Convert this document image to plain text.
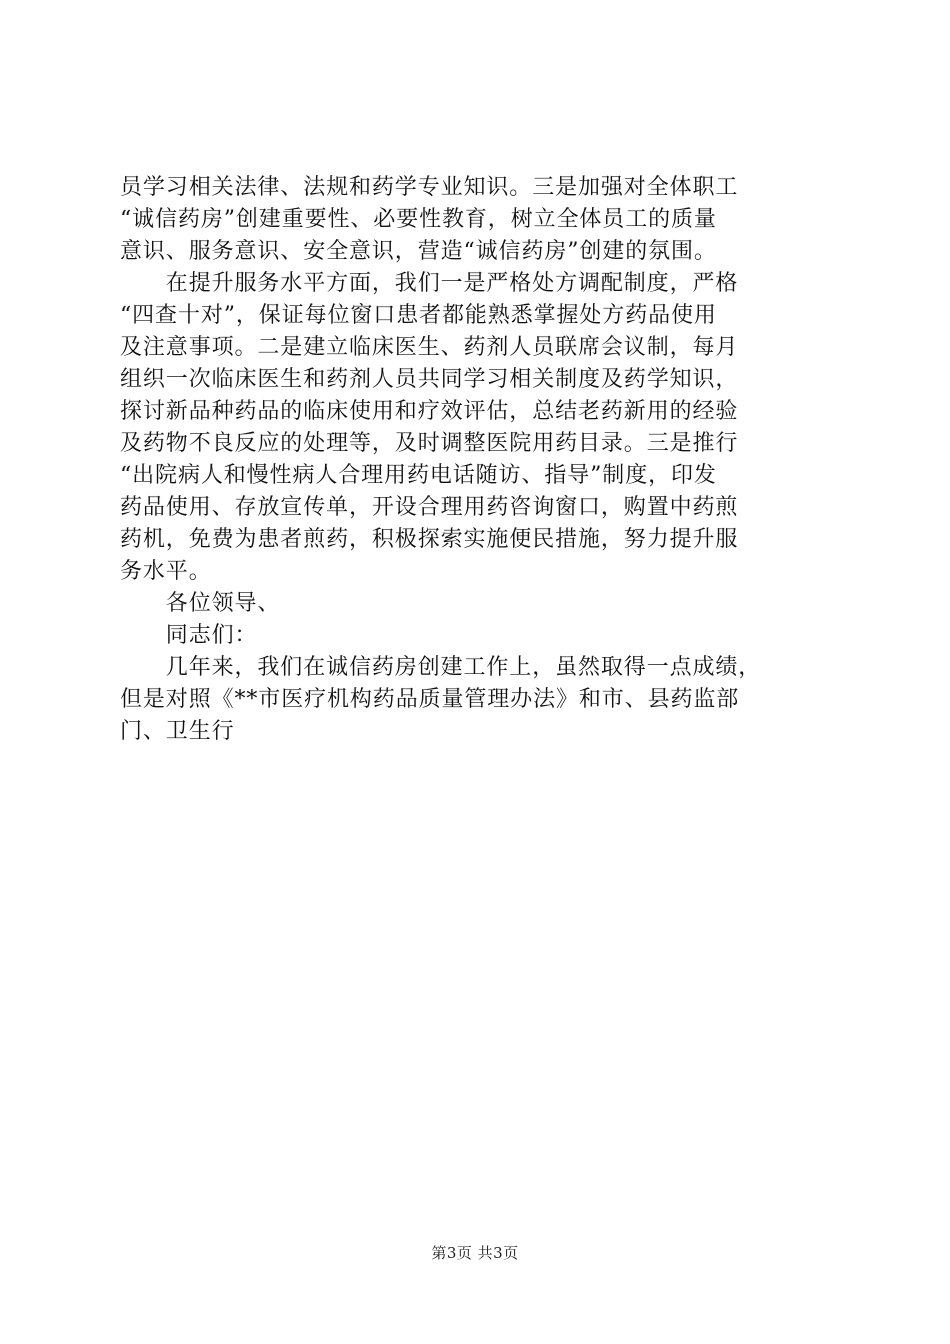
员学习相关法律、法规和药学专业知识。三是加强对全体职工
“诚信药房”创建重要性、必要性教育，树立全体员工的质量
意识、服务意识、安全意识，营造“诚信药房”创建的氛围。
　　在提升服务水平方面，我们一是严格处方调配制度，严格
“四查十对”，保证每位窗口患者都能熟悉掌握处方药品使用
及注意事项。二是建立临床医生、药剂人员联席会议制，每月
组织一次临床医生和药剂人员共同学习相关制度及药学知识，
探讨新品种药品的临床使用和疗效评估，总结老药新用的经验
及药物不良反应的处理等，及时调整医院用药目录。三是推行
“出院病人和慢性病人合理用药电话随访、指导”制度，印发
药品使用、存放宣传单，开设合理用药咨询窗口，购置中药煎
药机，免费为患者煎药，积极探索实施便民措施，努力提升服
务水平。
　　各位领导、
　　同志们：
　　几年来，我们在诚信药房创建工作上，虽然取得一点成绩，
但是对照《**市医疗机构药品质量管理办法》和市、县药监部
门、卫生行
第3页 共3页
